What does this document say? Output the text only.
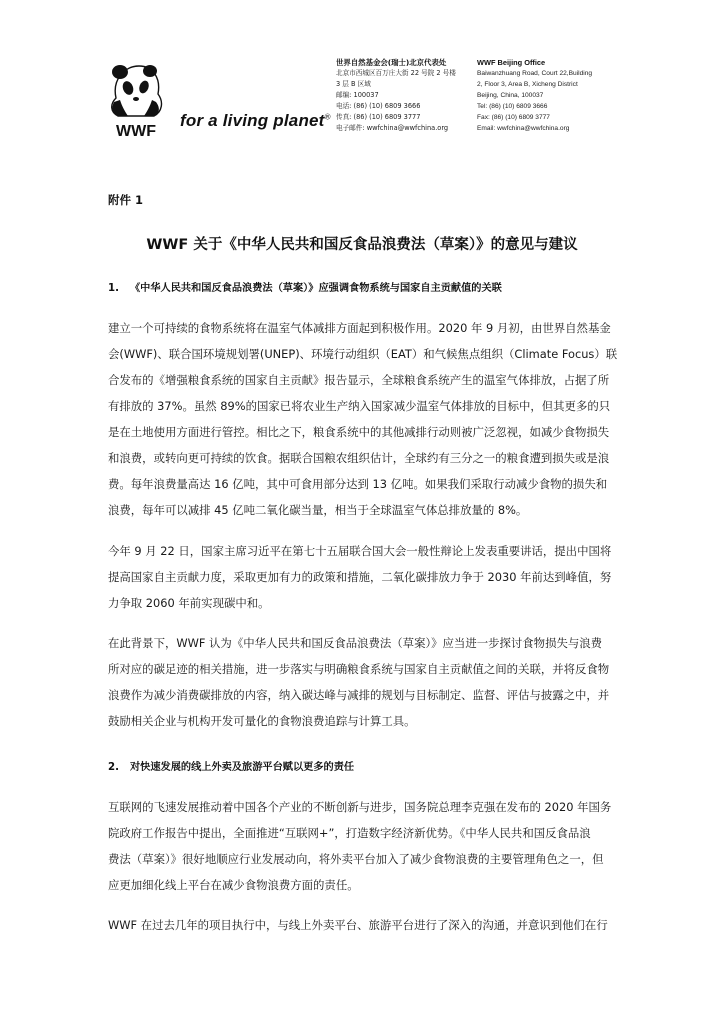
WWF
for a living planet®
世界自然基金会(瑞士)北京代表处
北京市西城区百万庄大街 22 号院 2 号楼
3 层 B 区域
邮编: 100037
电话: (86) (10) 6809 3666
传真: (86) (10) 6809 3777
电子邮件: wwfchina@wwfchina.org
WWF Beijing Office
Baiwanzhuang Road, Court 22,Building
2, Floor 3, Area B, Xicheng District
Beijing, China, 100037
Tel: (86) (10) 6809 3666
Fax: (86) (10) 6809 3777
Email: wwfchina@wwfchina.org
附件 1
WWF 关于《中华人民共和国反食品浪费法（草案）》的意见与建议
1. 《中华人民共和国反食品浪费法（草案）》应强调食物系统与国家自主贡献值的关联
建立一个可持续的食物系统将在温室气体减排方面起到积极作用。2020 年 9 月初，由世界自然基金
会(WWF)、联合国环境规划署(UNEP)、环境行动组织（EAT）和气候焦点组织（Climate Focus）联
合发布的《增强粮食系统的国家自主贡献》报告显示，全球粮食系统产生的温室气体排放，占据了所
有排放的 37%。虽然 89%的国家已将农业生产纳入国家减少温室气体排放的目标中，但其更多的只
是在土地使用方面进行管控。相比之下，粮食系统中的其他减排行动则被广泛忽视，如减少食物损失
和浪费，或转向更可持续的饮食。据联合国粮农组织估计，全球约有三分之一的粮食遭到损失或是浪
费。每年浪费量高达 16 亿吨，其中可食用部分达到 13 亿吨。如果我们采取行动减少食物的损失和
浪费，每年可以减排 45 亿吨二氧化碳当量，相当于全球温室气体总排放量的 8%。
今年 9 月 22 日，国家主席习近平在第七十五届联合国大会一般性辩论上发表重要讲话，提出中国将
提高国家自主贡献力度，采取更加有力的政策和措施，二氧化碳排放力争于 2030 年前达到峰值，努
力争取 2060 年前实现碳中和。
在此背景下，WWF 认为《中华人民共和国反食品浪费法（草案）》应当进一步探讨食物损失与浪费
所对应的碳足迹的相关措施，进一步落实与明确粮食系统与国家自主贡献值之间的关联，并将反食物
浪费作为减少消费碳排放的内容，纳入碳达峰与减排的规划与目标制定、监督、评估与披露之中，并
鼓励相关企业与机构开发可量化的食物浪费追踪与计算工具。
2. 对快速发展的线上外卖及旅游平台赋以更多的责任
互联网的飞速发展推动着中国各个产业的不断创新与进步，国务院总理李克强在发布的 2020 年国务
院政府工作报告中提出，全面推进“互联网+”，打造数字经济新优势。《中华人民共和国反食品浪
费法（草案）》很好地顺应行业发展动向，将外卖平台加入了减少食物浪费的主要管理角色之一，但
应更加细化线上平台在减少食物浪费方面的责任。
WWF 在过去几年的项目执行中，与线上外卖平台、旅游平台进行了深入的沟通，并意识到他们在行
